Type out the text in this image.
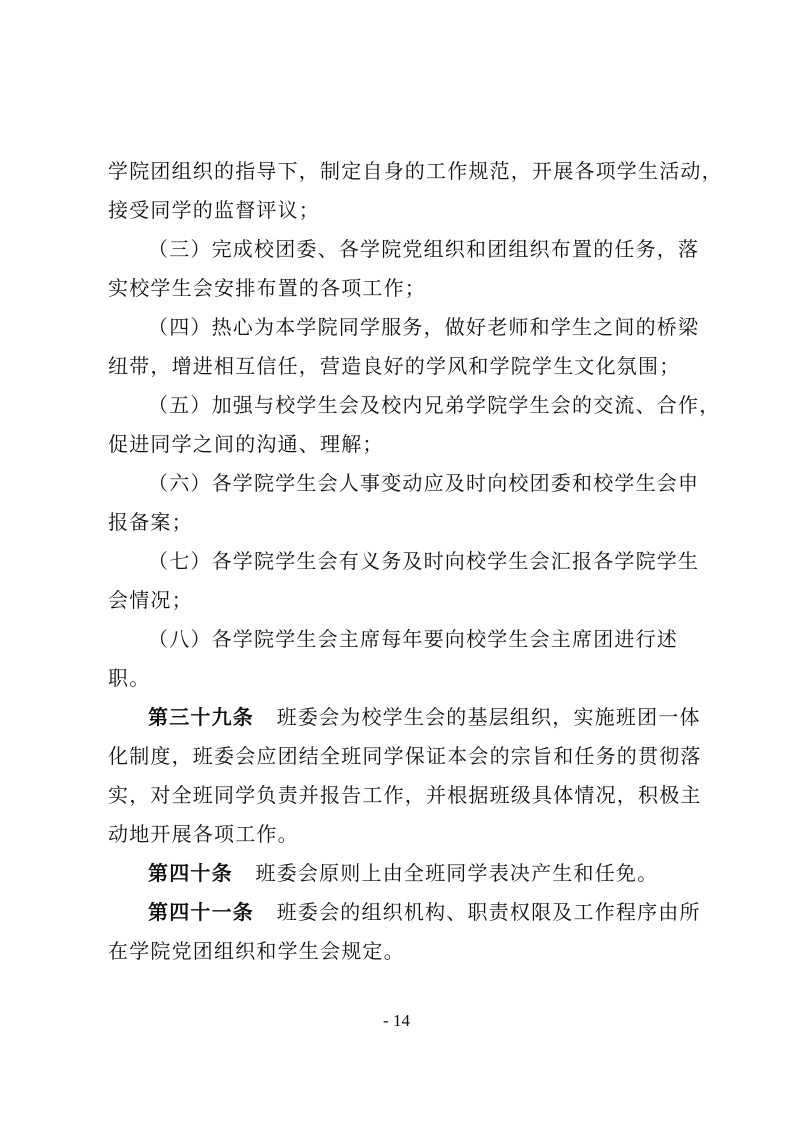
学院团组织的指导下，制定自身的工作规范，开展各项学生活动，
接受同学的监督评议；
（三）完成校团委、各学院党组织和团组织布置的任务，落
实校学生会安排布置的各项工作；
（四）热心为本学院同学服务，做好老师和学生之间的桥梁
纽带，增进相互信任，营造良好的学风和学院学生文化氛围；
（五）加强与校学生会及校内兄弟学院学生会的交流、合作，
促进同学之间的沟通、理解；
（六）各学院学生会人事变动应及时向校团委和校学生会申
报备案；
（七）各学院学生会有义务及时向校学生会汇报各学院学生
会情况；
（八）各学院学生会主席每年要向校学生会主席团进行述
职。
第三十九条 班委会为校学生会的基层组织，实施班团一体
化制度，班委会应团结全班同学保证本会的宗旨和任务的贯彻落
实，对全班同学负责并报告工作，并根据班级具体情况，积极主
动地开展各项工作。
第四十条 班委会原则上由全班同学表决产生和任免。
第四十一条 班委会的组织机构、职责权限及工作程序由所
在学院党团组织和学生会规定。
- 14
